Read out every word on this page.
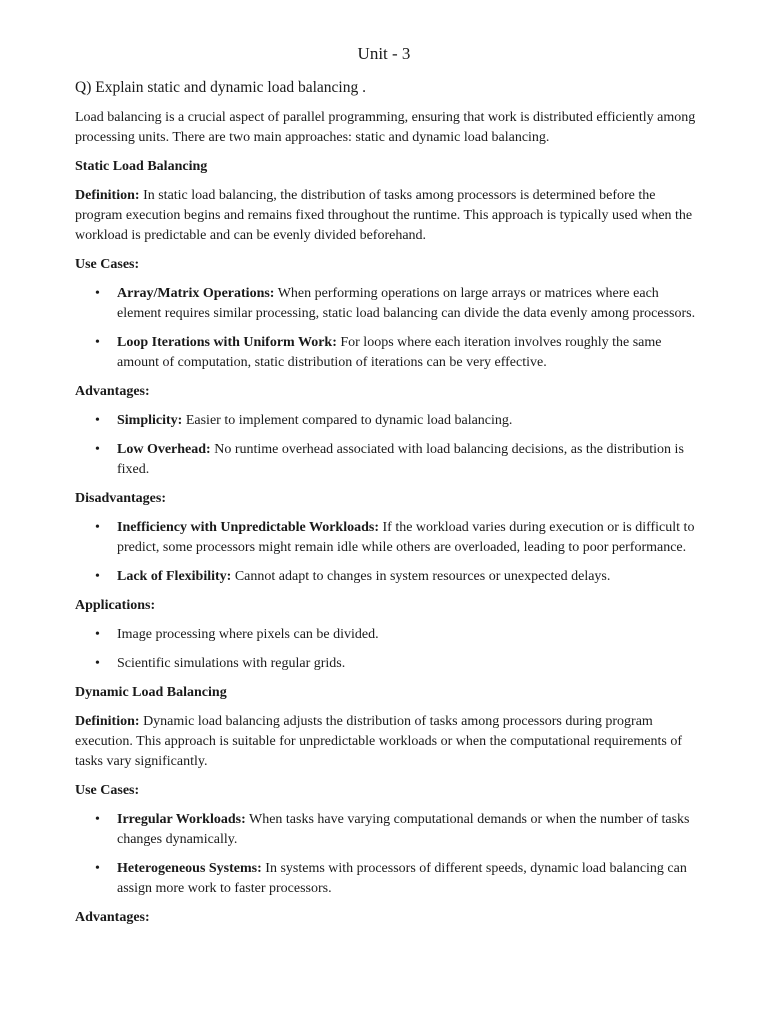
Unit - 3
Q) Explain static and dynamic load balancing .

Load balancing is a crucial aspect of parallel programming, ensuring that work is distributed efficiently among processing units. There are two main approaches: static and dynamic load balancing.

Static Load Balancing

Definition: In static load balancing, the distribution of tasks among processors is determined before the program execution begins and remains fixed throughout the runtime. This approach is typically used when the workload is predictable and can be evenly divided beforehand.

Use Cases:

• Array/Matrix Operations: When performing operations on large arrays or matrices where each element requires similar processing, static load balancing can divide the data evenly among processors.
• Loop Iterations with Uniform Work: For loops where each iteration involves roughly the same amount of computation, static distribution of iterations can be very effective.

Advantages:

• Simplicity: Easier to implement compared to dynamic load balancing.
• Low Overhead: No runtime overhead associated with load balancing decisions, as the distribution is fixed.

Disadvantages:

• Inefficiency with Unpredictable Workloads: If the workload varies during execution or is difficult to predict, some processors might remain idle while others are overloaded, leading to poor performance.
• Lack of Flexibility: Cannot adapt to changes in system resources or unexpected delays.

Applications:

• Image processing where pixels can be divided.
• Scientific simulations with regular grids.

Dynamic Load Balancing

Definition: Dynamic load balancing adjusts the distribution of tasks among processors during program execution. This approach is suitable for unpredictable workloads or when the computational requirements of tasks vary significantly.

Use Cases:

• Irregular Workloads: When tasks have varying computational demands or when the number of tasks changes dynamically.
• Heterogeneous Systems: In systems with processors of different speeds, dynamic load balancing can assign more work to faster processors.

Advantages:
